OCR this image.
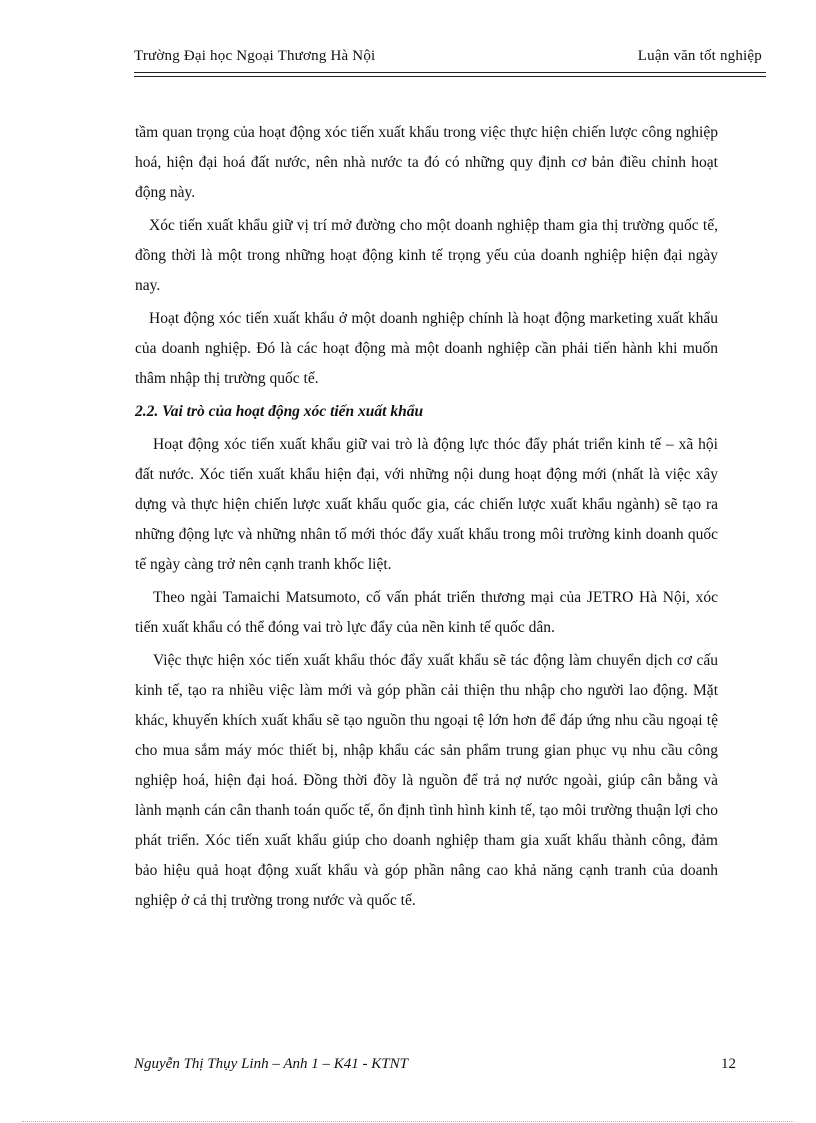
Trường Đại học Ngoại Thương Hà Nội	Luận văn tốt nghiệp

tầm quan trọng của hoạt động xóc tiến xuất khẩu trong việc thực hiện chiến lược công nghiệp hoá, hiện đại hoá đất nước, nên nhà nước ta đó có những quy định cơ bản điều chỉnh hoạt động này.

Xóc tiến xuất khẩu giữ vị trí mở đường cho một doanh nghiệp tham gia thị trường quốc tế, đồng thời là một trong những hoạt động kinh tế trọng yếu của doanh nghiệp hiện đại ngày nay.

Hoạt động xóc tiến xuất khẩu ở một doanh nghiệp chính là hoạt động marketing xuất khẩu của doanh nghiệp. Đó là các hoạt động mà một doanh nghiệp cần phải tiến hành khi muốn thâm nhập thị trường quốc tế.

2.2. Vai trò của hoạt động xóc tiến xuất khẩu

Hoạt động xóc tiến xuất khẩu giữ vai trò là động lực thóc đẩy phát triển kinh tế – xã hội đất nước. Xóc tiến xuất khẩu hiện đại, với những nội dung hoạt động mới (nhất là việc xây dựng và thực hiện chiến lược xuất khẩu quốc gia, các chiến lược xuất khẩu ngành) sẽ tạo ra những động lực và những nhân tố mới thóc đẩy xuất khẩu trong môi trường kinh doanh quốc tế ngày càng trở nên cạnh tranh khốc liệt.

Theo ngài Tamaichi Matsumoto, cố vấn phát triển thương mại của JETRO Hà Nội, xóc tiến xuất khẩu có thể đóng vai trò lực đẩy của nền kinh tế quốc dân.

Việc thực hiện xóc tiến xuất khẩu thóc đẩy xuất khẩu sẽ tác động làm chuyển dịch cơ cấu kinh tế, tạo ra nhiều việc làm mới và góp phần cải thiện thu nhập cho người lao động. Mặt khác, khuyến khích xuất khẩu sẽ tạo nguồn thu ngoại tệ lớn hơn để đáp ứng nhu cầu ngoại tệ cho mua sắm máy móc thiết bị, nhập khẩu các sản phẩm trung gian phục vụ nhu cầu công nghiệp hoá, hiện đại hoá. Đồng thời đõy là nguồn để trả nợ nước ngoài, giúp cân bằng và lành mạnh cán cân thanh toán quốc tế, ổn định tình hình kinh tế, tạo môi trường thuận lợi cho phát triển. Xóc tiến xuất khẩu giúp cho doanh nghiệp tham gia xuất khẩu thành công, đảm bảo hiệu quả hoạt động xuất khẩu và góp phần nâng cao khả năng cạnh tranh của doanh nghiệp ở cả thị trường trong nước và quốc tế.

Nguyễn Thị Thụy Linh – Anh 1 – K41 - KTNT	12
